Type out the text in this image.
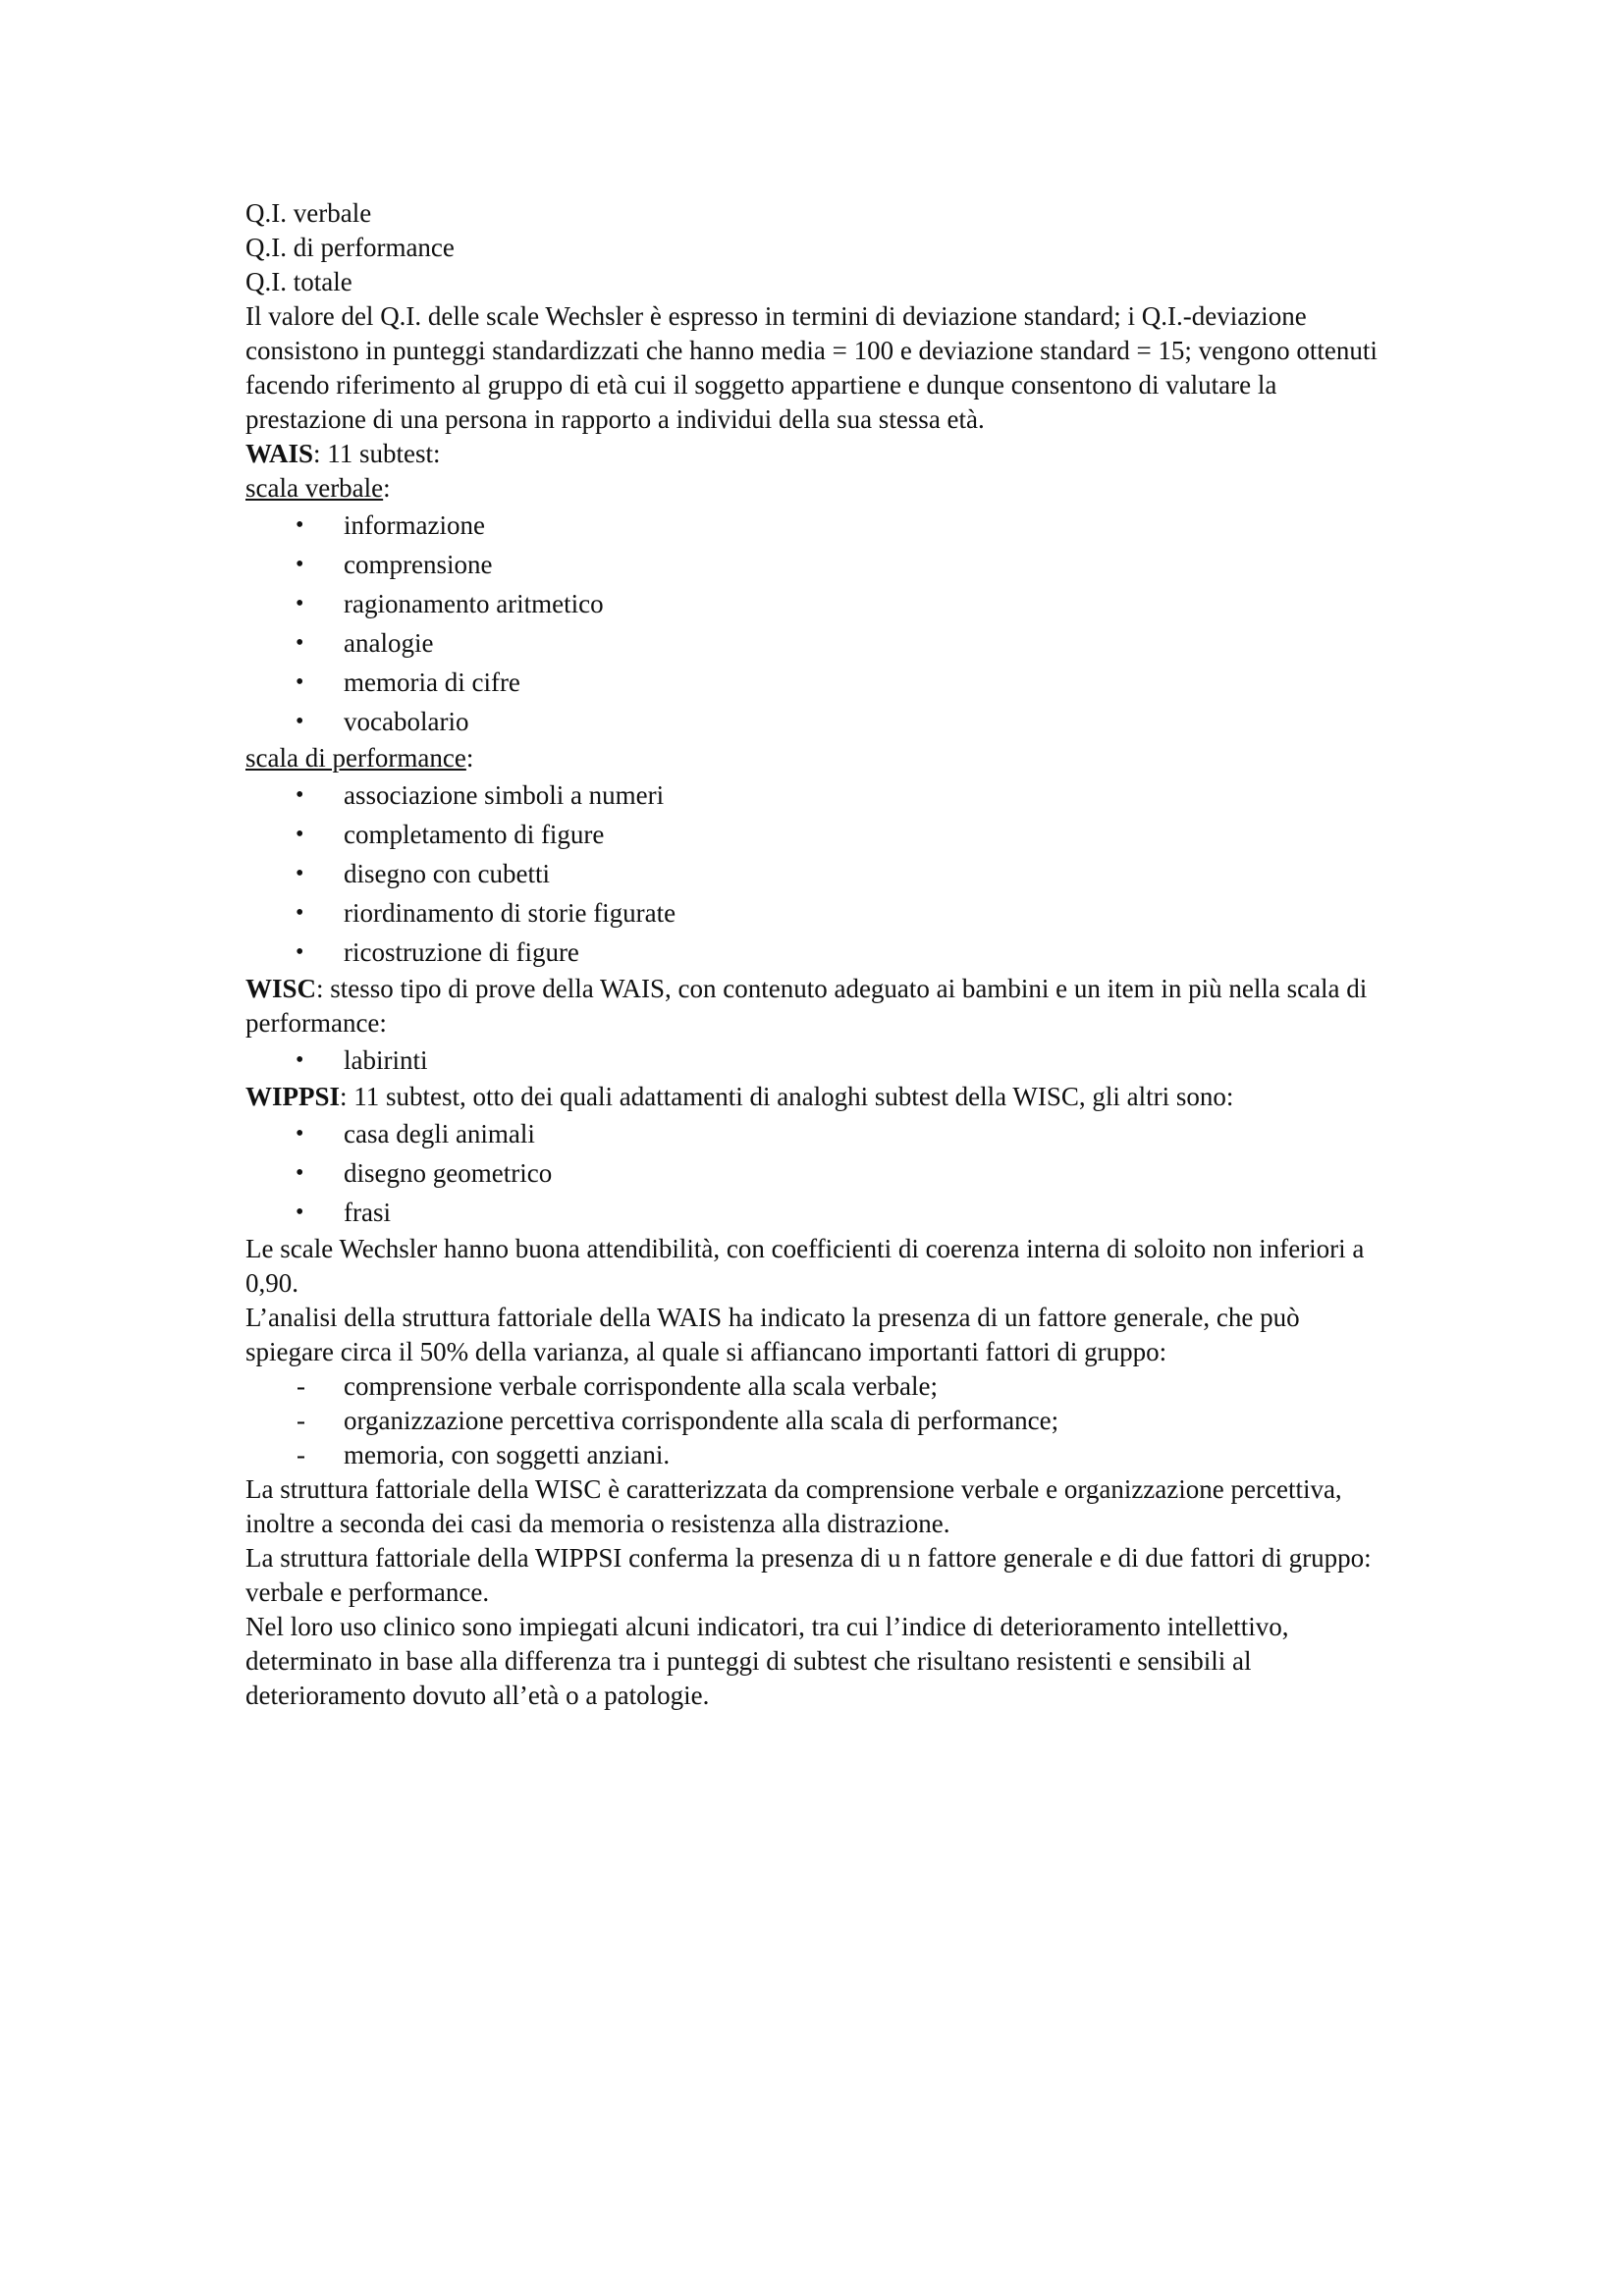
Q.I. verbale

Q.I. di performance

Q.I. totale

Il valore del Q.I. delle scale Wechsler è espresso in termini di deviazione standard; i Q.I.-deviazione consistono in punteggi standardizzati che hanno media = 100 e deviazione standard = 15; vengono ottenuti facendo riferimento al gruppo di età cui il soggetto appartiene e dunque consentono di valutare la prestazione di una persona in rapporto a individui della sua stessa età.

WAIS: 11 subtest:

scala verbale:

• informazione
• comprensione
• ragionamento aritmetico
• analogie
• memoria di cifre
• vocabolario

scala di performance:

• associazione simboli a numeri
• completamento di figure
• disegno con cubetti
• riordinamento di storie figurate
• ricostruzione di figure

WISC: stesso tipo di prove della WAIS, con contenuto adeguato ai bambini e un item in più nella scala di performance:

• labirinti

WIPPSI: 11 subtest, otto dei quali adattamenti di analoghi subtest della WISC, gli altri sono:

• casa degli animali
• disegno geometrico
• frasi

Le scale Wechsler hanno buona attendibilità, con coefficienti di coerenza interna di soloito non inferiori a 0,90.

L’analisi della struttura fattoriale della WAIS ha indicato la presenza di un fattore generale, che può spiegare circa il 50% della varianza, al quale si affiancano importanti fattori di gruppo:

- comprensione verbale corrispondente alla scala verbale;
- organizzazione percettiva corrispondente alla scala di performance;
- memoria, con soggetti anziani.

La struttura fattoriale della WISC è caratterizzata da comprensione verbale e organizzazione percettiva, inoltre a seconda dei casi da memoria o resistenza alla distrazione.

La struttura fattoriale della WIPPSI conferma la presenza di u n fattore generale e di due fattori di gruppo: verbale e performance.

Nel loro uso clinico sono impiegati alcuni indicatori, tra cui l’indice di deterioramento intellettivo, determinato in base alla differenza tra i punteggi di subtest che risultano resistenti e sensibili al deterioramento dovuto all’età o a patologie.
